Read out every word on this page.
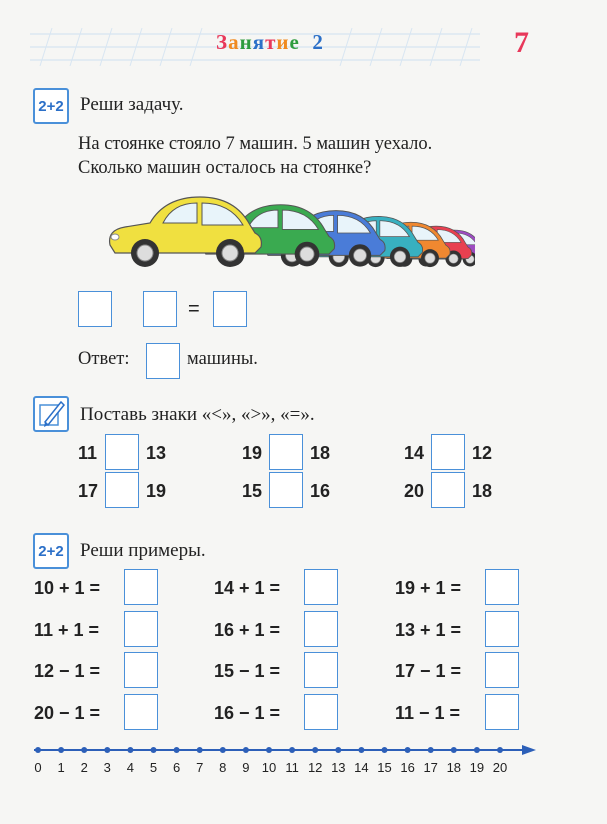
Занятие 2	7
2+2 Реши задачу.
На стоянке стояло 7 машин. 5 машин уехало.
Сколько машин осталось на стоянке?
=
Ответ:	машины.
Поставь знаки «<», «>», «=».
11	13	19	18	14	12
17	19	15	16	20	18
2+2 Реши примеры.
10 + 1 =	14 + 1 =	19 + 1 =
11 + 1 =	16 + 1 =	13 + 1 =
12 − 1 =	15 − 1 =	17 − 1 =
20 − 1 =	16 − 1 =	11 − 1 =
0 1 2 3 4 5 6 7 8 9 10 11 12 13 14 15 16 17 18 19 20
